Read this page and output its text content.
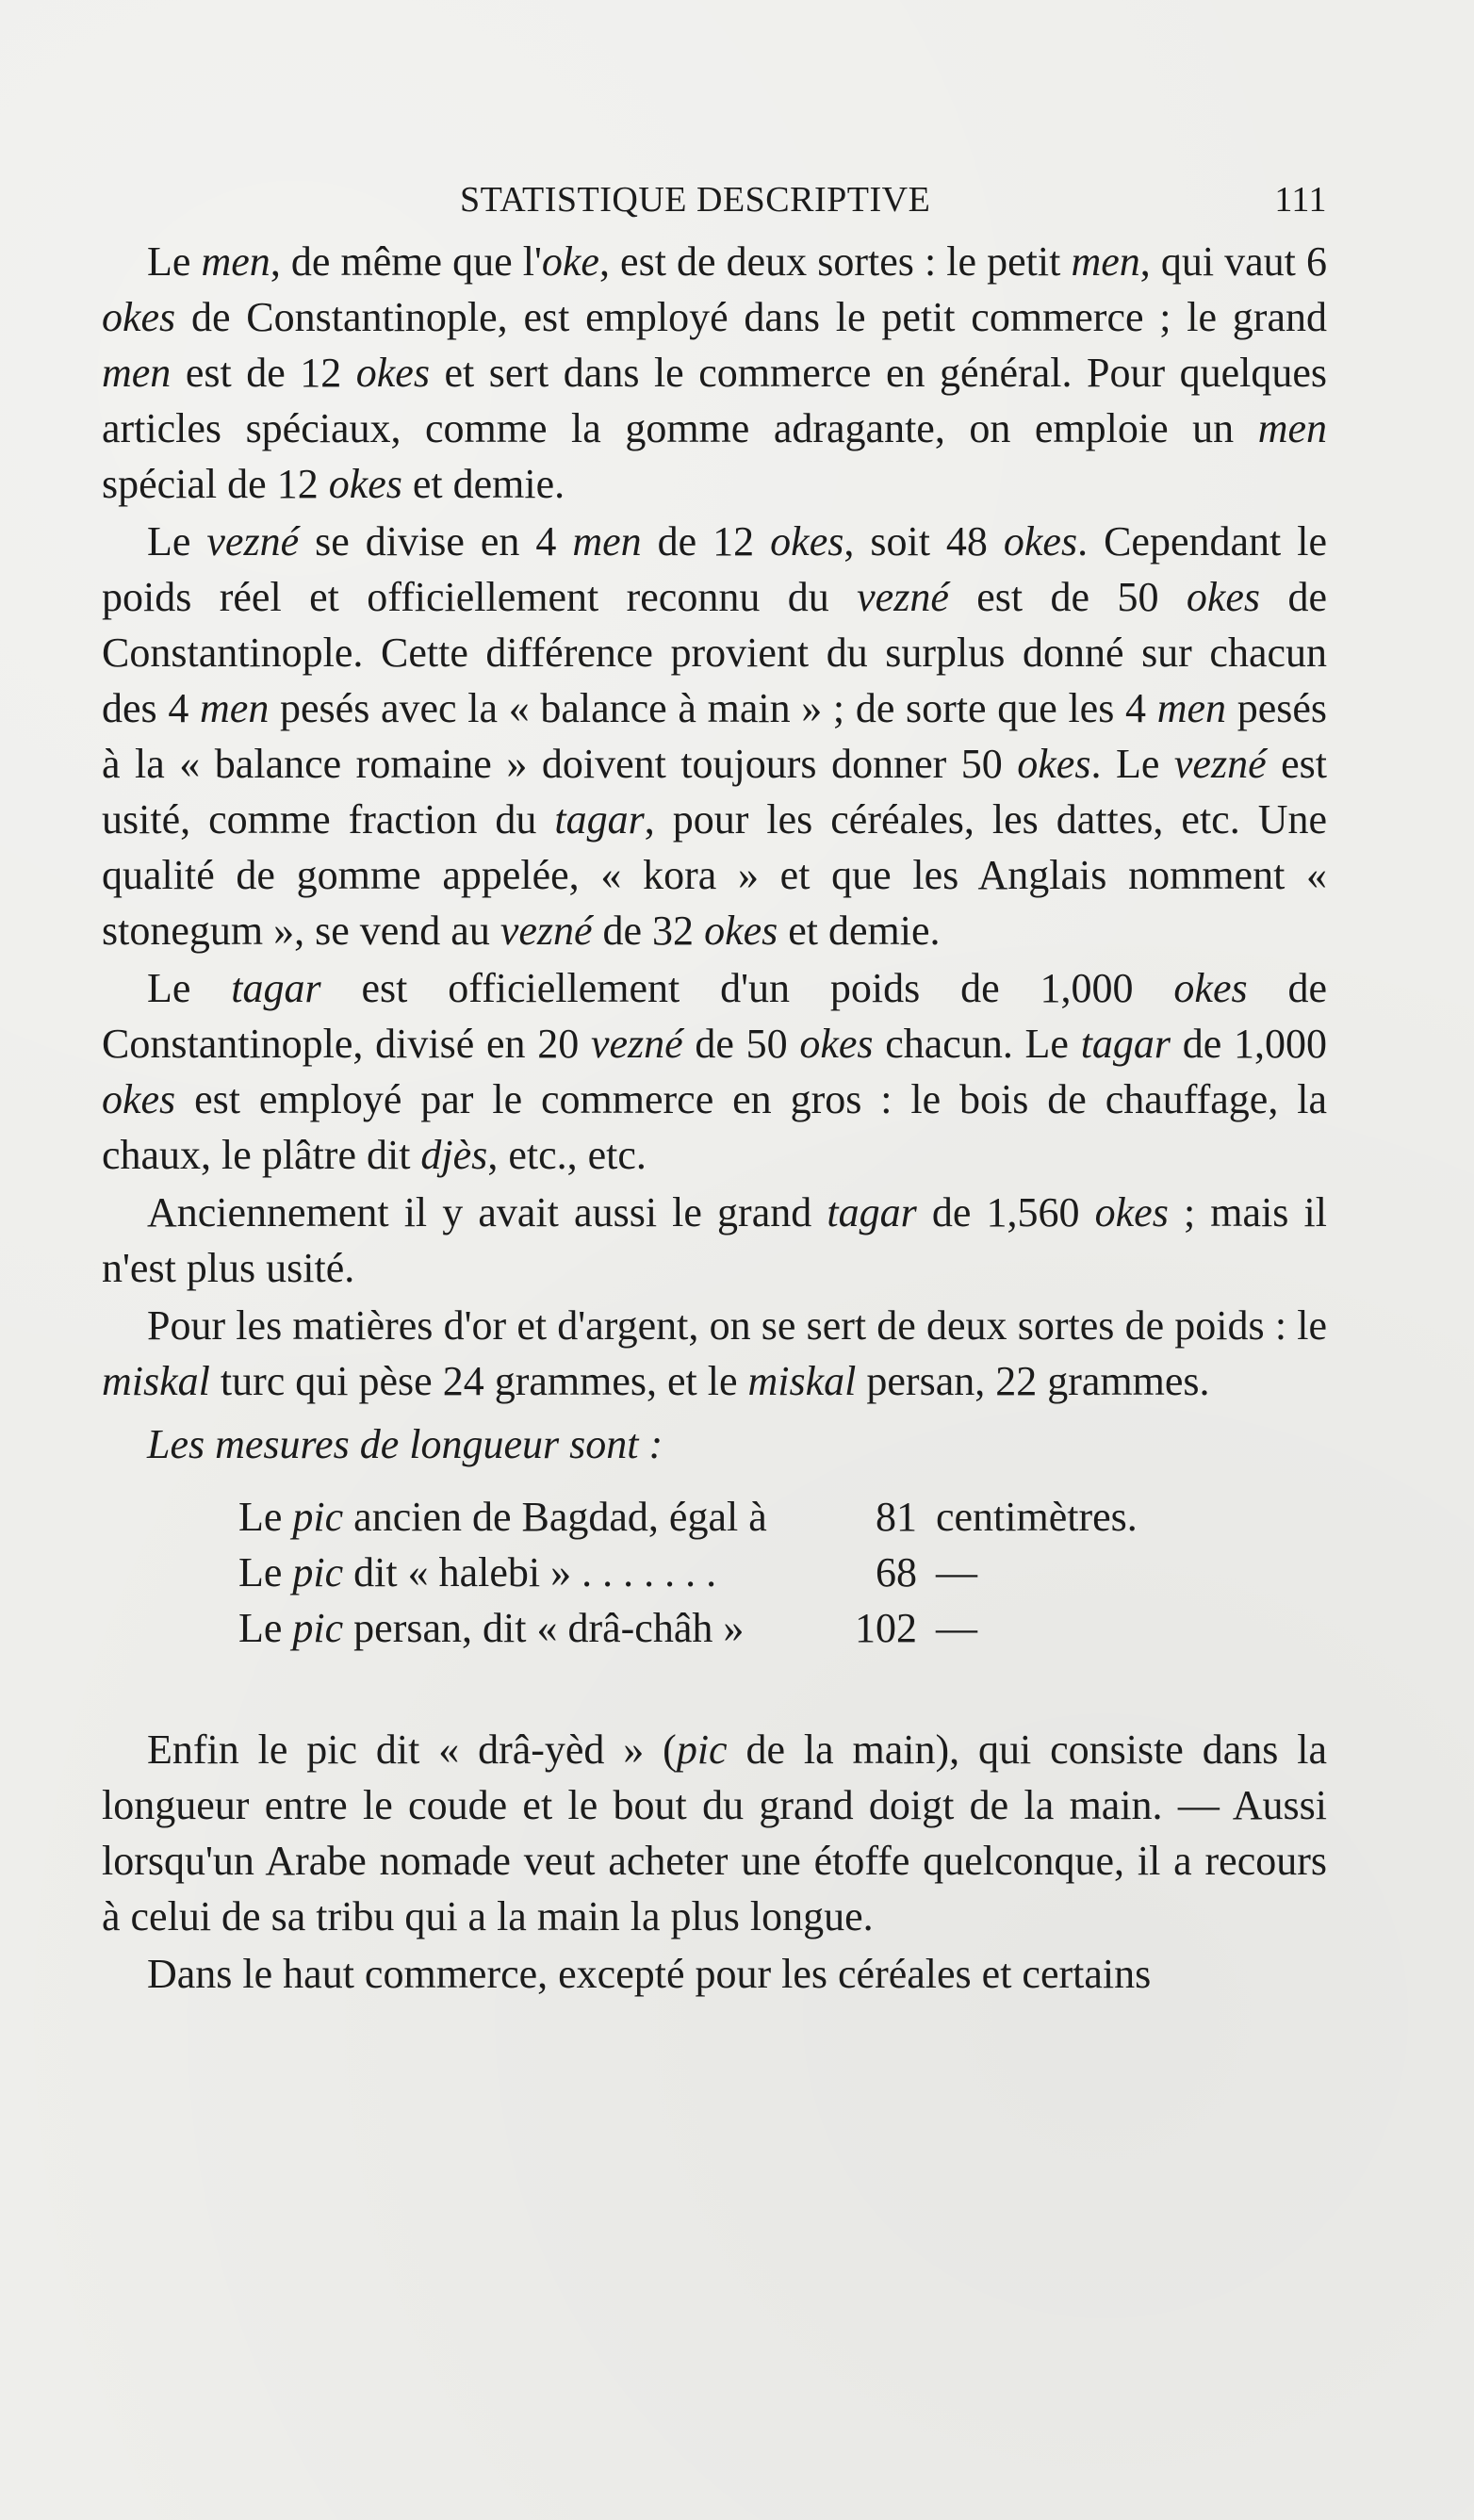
STATISTIQUE DESCRIPTIVE	111

Le men, de même que l'oke, est de deux sortes : le petit men, qui vaut 6 okes de Constantinople, est employé dans le petit commerce ; le grand men est de 12 okes et sert dans le commerce en général. Pour quelques articles spéciaux, comme la gomme adragante, on emploie un men spécial de 12 okes et demie.

Le vezné se divise en 4 men de 12 okes, soit 48 okes. Cependant le poids réel et officiellement reconnu du vezné est de 50 okes de Constantinople. Cette différence provient du surplus donné sur chacun des 4 men pesés avec la « balance à main » ; de sorte que les 4 men pesés à la « balance romaine » doivent toujours donner 50 okes. Le vezné est usité, comme fraction du tagar, pour les céréales, les dattes, etc. Une qualité de gomme appelée, « kora » et que les Anglais nomment « stonegum », se vend au vezné de 32 okes et demie.

Le tagar est officiellement d'un poids de 1,000 okes de Constantinople, divisé en 20 vezné de 50 okes chacun. Le tagar de 1,000 okes est employé par le commerce en gros : le bois de chauffage, la chaux, le plâtre dit djès, etc., etc.

Anciennement il y avait aussi le grand tagar de 1,560 okes ; mais il n'est plus usité.

Pour les matières d'or et d'argent, on se sert de deux sortes de poids : le miskal turc qui pèse 24 grammes, et le miskal persan, 22 grammes.

Les mesures de longueur sont :
Le pic ancien de Bagdad, égal à	81 centimètres.
Le pic dit « halebi » . . . . . . .	68 —
Le pic persan, dit « drâ-châh »	102 —

Enfin le pic dit « drâ-yèd » (pic de la main), qui consiste dans la longueur entre le coude et le bout du grand doigt de la main. — Aussi lorsqu'un Arabe nomade veut acheter une étoffe quelconque, il a recours à celui de sa tribu qui a la main la plus longue.

Dans le haut commerce, excepté pour les céréales et certains
